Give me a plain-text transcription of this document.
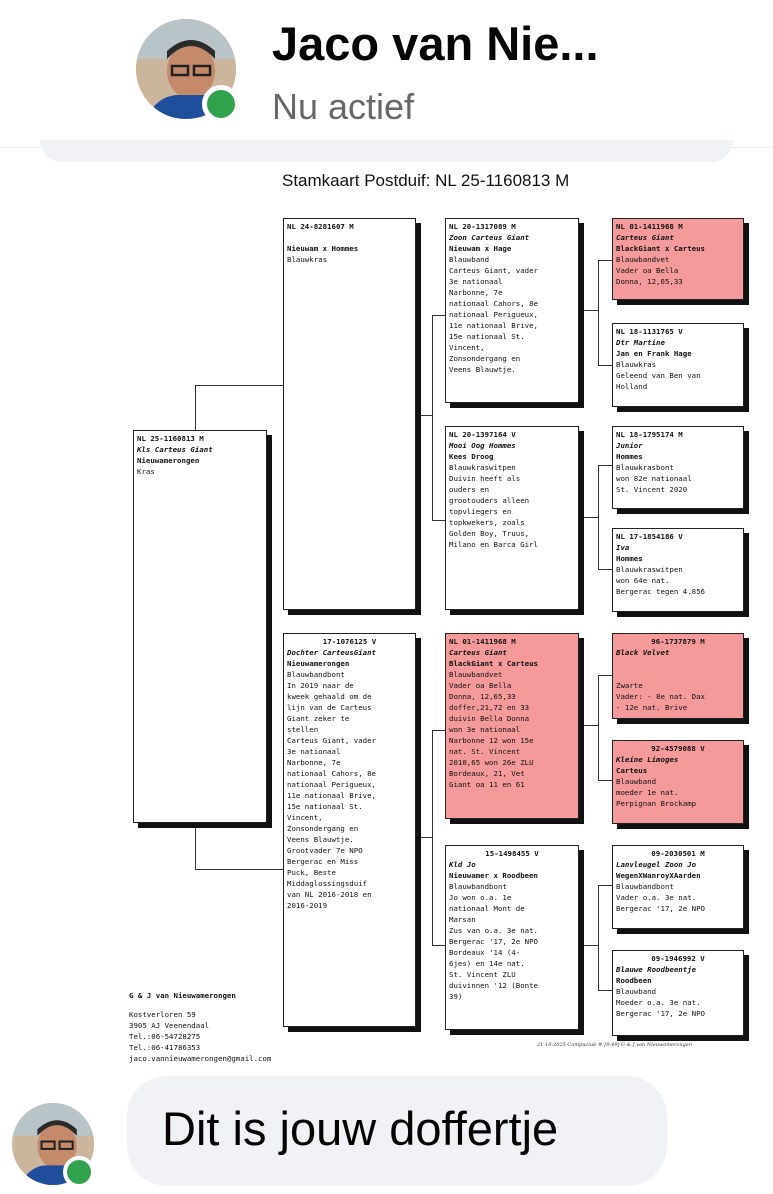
Jaco van Nie...
Nu actief
Stamkaart Postduif: NL 25-1160813 M
NL 25-1160813 M
Kls Carteus Giant
Nieuwamerongen
Kras
NL 24-8281607 M
Nieuwam x Hommes
Blauwkras
17-1076125 V
Dochter CarteusGiant
Nieuwamerongen
Blauwbandbont
In 2019 naar de
kweek gehaald om de
lijn van de Carteus
Giant zeker te
stellen
Carteus Giant, vader
3e nationaal
Narbonne, 7e
nationaal Cahors, 8e
nationaal Perigueux,
11e nationaal Brive,
15e nationaal St.
Vincent,
Zonsondergang en
Veens Blauwtje.
Grootvader 7e NPO
Bergerac en Miss
Puck, Beste
Middaglossingsduif
van NL 2016-2018 en
2016-2019
NL 20-1317089 M
Zoon Carteus Giant
Nieuwam x Hage
Blauwband
Carteus Giant, vader
3e nationaal
Narbonne, 7e
nationaal Cahors, 8e
nationaal Perigueux,
11e nationaal Brive,
15e nationaal St.
Vincent,
Zonsondergang en
Veens Blauwtje.
NL 20-1397164 V
Mooi Oog Hommes
Kees Droog
Blauwkraswitpen
Duivin heeft als
ouders en
grootouders alleen
topvliegers en
topkwekers, zoals
Golden Boy, Truus,
Milano en Barca Girl
NL 01-1411968 M
Carteus Giant
BlackGiant x Carteus
Blauwbandvet
Vader oa Bella
Donna, 12,65,33
doffer,21,72 en 33
duivin Bella Donna
won 3e nationaal
Narbonne 12 won 15e
nat. St. Vincent
2010,65 won 26e ZLU
Bordeaux, 21, Vet
Giant oa 11 en 61
15-1498455 V
Kld Jo
Nieuwamer x Roodbeen
Blauwbandbont
Jo won o.a. 1e
nationaal Mont de
Marsan
Zus van o.a. 3e nat.
Bergerac '17, 2e NPO
Bordeaux '14 (4-
6jes) en 14e nat.
St. Vincent ZLU
duivinnen '12 (Bonte
39)
NL 01-1411968 M
Carteus Giant
BlackGiant x Carteus
Blauwbandvet
Vader oa Bella
Donna, 12,65,33
NL 18-1131765 V
Dtr Martine
Jan en Frank Hage
Blauwkras
Geleend van Ben van
Holland
NL 18-1795174 M
Junior
Hommes
Blauwkrasbont
won 82e nationaal
St. Vincent 2020
NL 17-1854186 V
Iva
Hommes
Blauwkraswitpen
won 64e nat.
Bergerac tegen 4.856
96-1737879 M
Black Velvet
Zwarte
Vader: - 8e nat. Dax
- 12e nat. Brive
92-4579088 V
Kleine Limoges
Carteus
Blauwband
moeder 1e nat.
Perpignan Brockamp
09-2030501 M
Lanvleugel Zoon Jo
WegenXWanroyXAarden
Blauwbandbont
Vader o.a. 3e nat.
Bergerac '17, 2e NPO
09-1946992 V
Blauwe Roodbeentje
Roodbeen
Blauwband
Moeder o.a. 3e nat.
Bergerac '17, 2e NPO
G & J van Nieuwamerongen
Kostverloren 59
3905 AJ Veenendaal
Tel.:06-54728275
Tel.:06-41786353
jaco.vannieuwamerongen@gmail.com
21-10-2025 Compuclub ® [9.49] G & J van Nieuwamerongen
Dit is jouw doffertje
